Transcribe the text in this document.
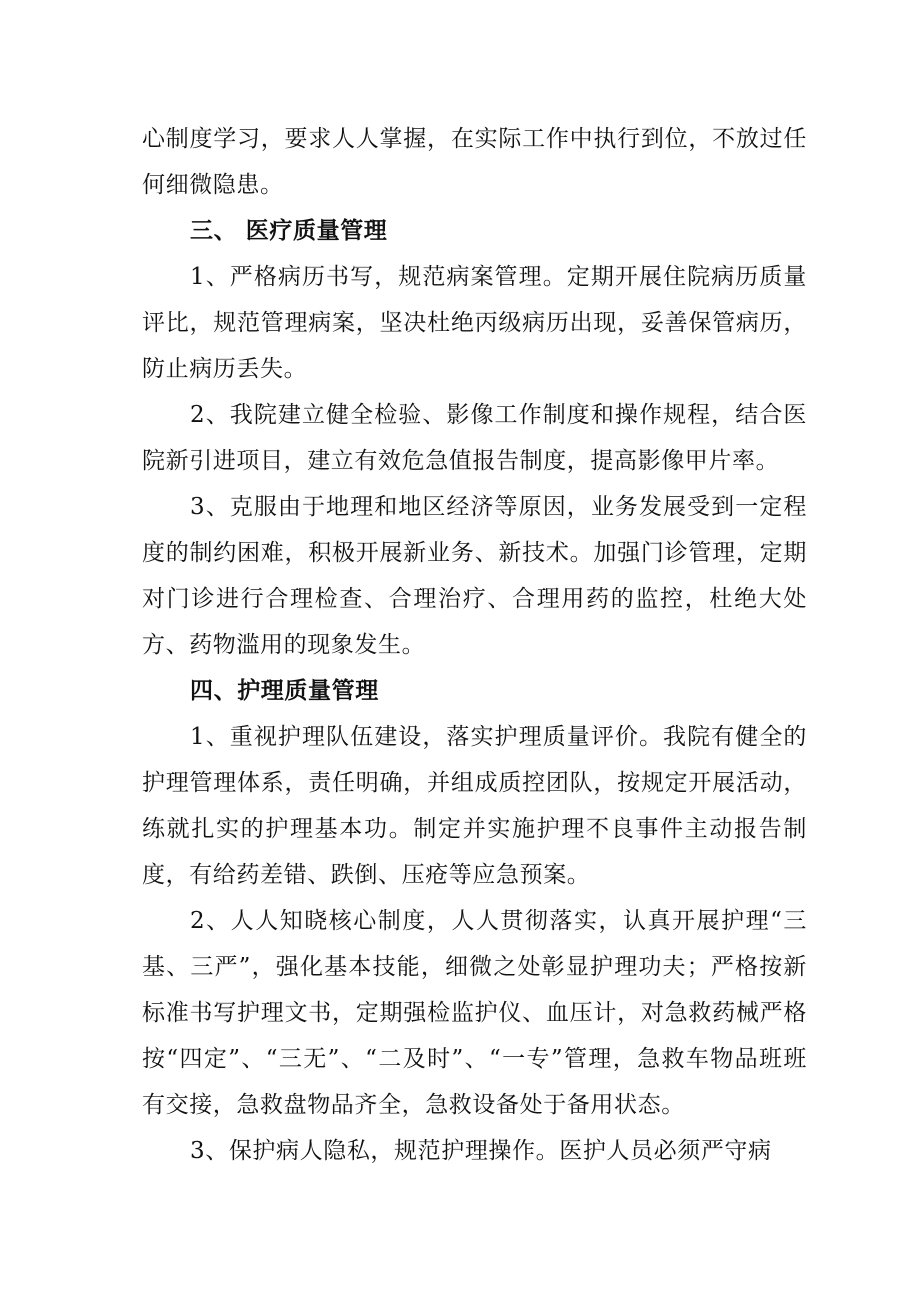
心制度学习，要求人人掌握，在实际工作中执行到位，不放过任何细微隐患。

三、 医疗质量管理

1、严格病历书写，规范病案管理。定期开展住院病历质量评比，规范管理病案，坚决杜绝丙级病历出现，妥善保管病历，防止病历丢失。

2、我院建立健全检验、影像工作制度和操作规程，结合医院新引进项目，建立有效危急值报告制度，提高影像甲片率。

3、克服由于地理和地区经济等原因，业务发展受到一定程度的制约困难，积极开展新业务、新技术。加强门诊管理，定期对门诊进行合理检查、合理治疗、合理用药的监控，杜绝大处方、药物滥用的现象发生。

四、护理质量管理

1、重视护理队伍建设，落实护理质量评价。我院有健全的护理管理体系，责任明确，并组成质控团队，按规定开展活动，练就扎实的护理基本功。制定并实施护理不良事件主动报告制度，有给药差错、跌倒、压疮等应急预案。

2、人人知晓核心制度，人人贯彻落实，认真开展护理“三基、三严”，强化基本技能，细微之处彰显护理功夫；严格按新标准书写护理文书，定期强检监护仪、血压计，对急救药械严格按“四定”、“三无”、“二及时”、“一专”管理，急救车物品班班有交接，急救盘物品齐全，急救设备处于备用状态。

3、保护病人隐私，规范护理操作。医护人员必须严守病
